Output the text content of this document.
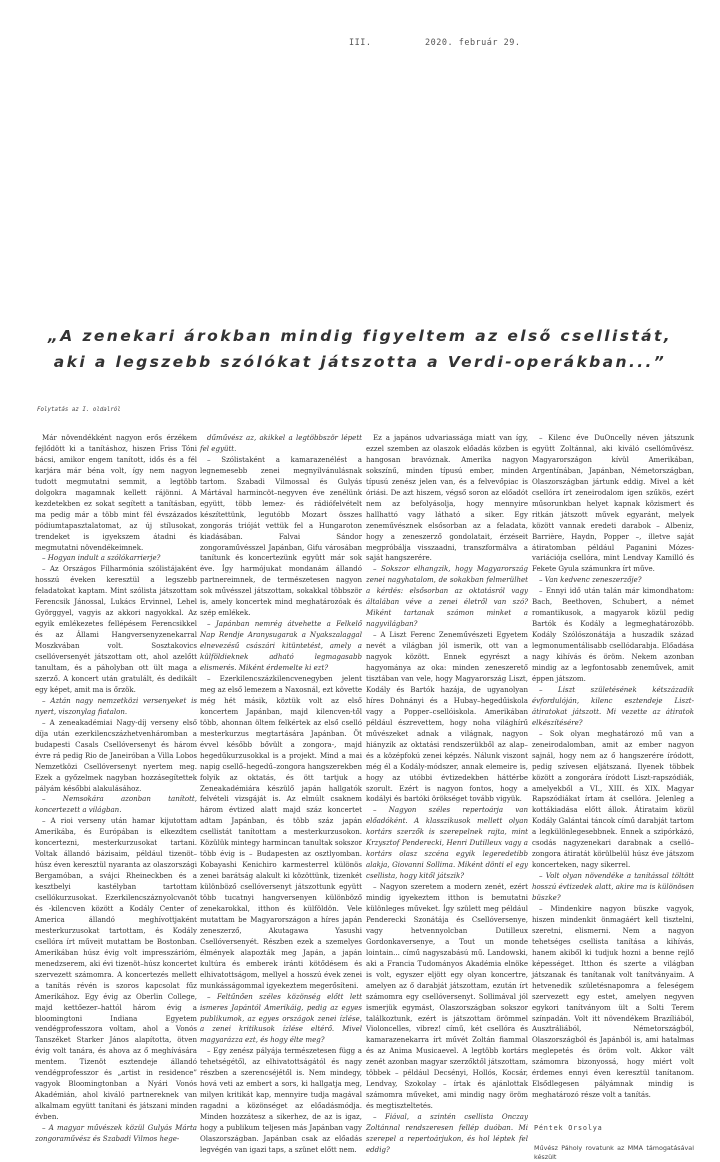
III.	2020. február 29.
„A zenekari árokban mindig figyeltem az első csellistát, aki a legszebb szólókat játszotta a Verdi-operákban...”
Folytatás az I. oldalról

Már növendékként nagyon erős érzékem fejlődött ki a tanításhoz, hiszen Friss Tóni bácsi, amikor engem tanított, idős és a fél karjára már béna volt, így nem nagyon tudott megmutatni semmit, a legtöbb dolgokra magamnak kellett rájönni. A kezdetekben ez sokat segített a tanításban, ma pedig már a több mint fél évszázados pódiumtapasztalatomat, az új stílusokat, trendeket is igyekszem átadni és megmutatni növendékeimnek.

– Hogyan indult a szólókarrierje?

– Az Országos Filharmónia szólistájaként hosszú éveken keresztül a legszebb feladatokat kaptam. Mint szólista játszottam Ferencsik Jánossal, Lukács Ervinnel, Lehel Györggyel, vagyis az akkori nagyokkal. Az egyik emlékezetes fellépésem Ferencsikkel és az Állami Hangversenyzenekarral Moszkvában volt. Sosztakovics csellóversenyét játszottam ott, ahol azelőtt tanultam, és a páholyban ott ült maga a szerző. A koncert után gratulált, és dedikált egy képet, amit ma is őrzök.

– Aztán nagy nemzetközi versenyeket is nyert, viszonylag fiatalon.

– A zeneakadémiai Nagy-díj verseny első díja után ezerkilencszázhetvenháromban a budapesti Casals Csellóversenyt és három évre rá pedig Rio de Janeiróban a Villa Lobos Nemzetközi Csellóversenyt nyertem meg. Ezek a győzelmek nagyban hozzásegítettek pályám későbbi alakulásához.

– Nemsokára azonban tanított, koncertezett a világban.

– A rioi verseny után hamar kijutottam Amerikába, és Európában is elkezdtem koncertezni, mesterkurzusokat tartani. Voltak állandó bázisaim, például tizenöt–húsz éven keresztül nyaranta az olaszországi Bergamóban, a svájci Rheineckben és a kesztbelyi kastélyban tartottam csellókurzusokat. Ezerkilencszáznyolcvanöt és -kilencven között a Kodály Center of America állandó meghívottjaként mesterkurzusokat tartottam, és Kodály csellóra írt műveit mutattam be Bostonban. Amerikában húsz évig volt impresszárióm, menedzserem, aki évi tizenöt–húsz koncertet szervezett számomra. A koncertezés mellett a tanítás révén is szoros kapcsolat fűz Amerikához. Egy évig az Oberlin College, majd kettőezer–hattól három évig a bloomingtoni Indiana Egyetem vendégprofesszora voltam, ahol a Vonós Tanszéket Starker János alapította, ötven évig volt tanára, és ahova az ő meghívására mentem. Tizenöt esztendeje állandó vendégprofesszor és „artist in residence” vagyok Bloomingtonban a Nyári Vonós Akadémián, ahol kiváló partnereknek van alkalmam együtt tanítani és játszani minden évben.

– A magyar művészek közül Gulyás Márta zongoraművész és Szabadi Vilmos hege-

dűművész az, akikkel a legtöbbször lépett fel együtt.

– Szólistaként a kamarazenélést a legnemesebb zenei megnyilvánulásnak tartom. Szabadi Vilmossal és Gulyás Mártával harmincöt–negyven éve zenélünk együtt, több lemez- és rádiófelvételt készítettünk, legutóbb Mozart összes zongorás trióját vettük fel a Hungaroton kiadásában. Falvai Sándor zongoraművésszel Japánban, Gifu városában tanítunk és koncertezünk együtt már sok éve. Így harmójukat mondanám állandó partnereimnek, de természetesen nagyon sok művésszel játszottam, sokakkal többször is, amely koncertek mind meghatározóak és szép emlékek.

– Japánban nemrég átvehette a Felkelő Nap Rendje Aranysugarak a Nyakszalaggal elnevezésű császári kitüntetést, amely a külföldieknek adható legmagasabb elismerés. Miként érdemelte ki ezt?

– Ezerkilencszázkilencvenegyben jelent meg az első lemezem a Naxosnál, ezt követte még hét másik, köztük volt az első koncertem Japánban, majd kilencven-től több, ahonnan öltem felkértek az első cselló mesterkurzus megtartására Japánban. Öt évvel később bővült a zongora-, majd hegedűkurzusokkal is a projekt. Mind a mai napig csellő–hegedű–zongora hangszerekben folyik az oktatás, és ött tartjuk a Zeneakadémiára készülő japán hallgatók felvételi vizsgáját is. Az elmúlt csaknem három évtized alatt majd száz koncertet adtam Japánban, és több száz japán csellistát tanítottam a mesterkurzusokon. Közülük mintegy harmincan tanultak sokszor több évig is – Budapesten az osztlyomban. Kobayashi Kenichiro karmesterrel különös zenei barátság alakult ki közöttünk, tizenkét különböző csellóversenyt játszottunk együtt több tucatnyi hangversenyen különböző zenekarokkal, itthon és külföldön. Vele mutattam be Magyarországon a híres japán zeneszerző, Akutagawa Yasushi Csellóversenyét. Részben ezek a szemelyes élmények alapozták meg Japán, a japán kultúra és emberek iránti kötődésem és elhivatottságom, mellyel a hosszú évek zenei munkásságommal igyekeztem megerősíteni.

– Feltűnően széles közönség előtt lett ismeres Japántól Amerikáig, pedig az egyes publikumok, az egyes országok zenei ízlése, a zenei kritikusok ízlése eltérő. Mivel magyarázza ezt, és hogy élte meg?

– Egy zenész pályája természetesen függ a tehetségétől, az elhivatottságától és nagy részben a szerencséjétől is. Nem mindegy, hová veti az embert a sors, ki hallgatja meg, milyen kritikát kap, mennyire tudja magával ragadni a közönséget az előadásmódja. Minden hozzátesz a sikerhez, de az is igaz, hogy a publikum teljesen más Japánban vagy Olaszországban. Japánban csak az előadás legvégén van igazi taps, a szünet előtt nem.

Ez a japános udvariassága miatt van így, ezzel szemben az olaszok előadás közben is hangosan bravóznak. Amerika nagyon sokszínű, minden típusú ember, minden típusú zenész jelen van, és a felvevőpiac is óriási. De azt hiszem, végső soron az előadót nem az befolyásolja, hogy mennyire hallhattó vagy látható a siker. Egy zeneművésznek elsősorban az a feladata, hogy a zeneszerző gondolatait, érzéseit megpróbálja visszaadni, transzformálva a saját hangszerére.

– Sokszor elhangzik, hogy Magyarország zenei nagyhatalom, de sokakban felmerülhet a kérdés: elsősorban az oktatásról vagy általában véve a zenei életről van szó? Miként tartanak számon minket a nagyvilágban?

– A Liszt Ferenc Zeneművészeti Egyetem nevét a világban jól ismerik, ott van a nagyok között. Ennek egyrészt a hagyománya az oka: minden zeneszerető tisztában van vele, hogy Magyarország Liszt, Kodály és Bartók hazája, de ugyanolyan híres Dohnányi és a Hubay–hegedűiskola vagy a Popper–csellóiskola. Amerikában például észrevettem, hogy noha világhírű művészeket adnak a világnak, nagyon hiányzik az oktatási rendszerükből az alap– és a középfokú zenei képzés. Nálunk viszont még él a Kodály-módszer, annak elemeire is, hogy az utóbbi évtizedekben háttérbe szorult. Ezért is nagyon fontos, hogy a kodályi és bartóki örökséget tovább vigyük.

– Nagyon széles repertoárja van előadóként. A klasszikusok mellett olyan kortárs szerzők is szerepelnek rajta, mint Krzysztof Penderecki, Henri Dutilleux vagy a kortárs olasz szcéna egyik legeredetibb alakja, Giovanni Sollima. Miként dönti el egy csellista, hogy kitől játszik?

– Nagyon szeretem a modern zenét, ezért mindig igyekeztem itthon is bemutatni különleges műveket. Így születt meg például Penderecki Szonátája és Csellóversenye, vagy hetvennyolcban Dutilleux Gordonkaversenye, a Tout un monde lointain... című nagyszabású mű. Landowski, aki a Francia Tudományos Akadémia elnöke is volt, egyszer eljött egy olyan koncertre, amelyen az ő darabját játszottam, ezután írt számomra egy csellóversenyt. Sollimával jól ismerjük egymást, Olaszországban sokszor találkoztunk, ezért is játszottam örömmel Violoncelles, vibrez! című, két csellóra és kamarazenekarra írt művét Zoltán fiammal és az Anima Musicaevel. A legtöbb kortárs zenét azonban magyar szerzőktől játszottam, többek – például Decsényi, Hollós, Kocsár, Lendvay, Szokolay – írtak és ajánlottak számomra műveket, ami mindig nagy öröm és megtiszteltetés.

– Fiával, a szintén csellista Onczay Zoltánnal rendszeresen fellép duóban. Mi szerepel a repertoárjukon, és hol léptek fel eddig?

– Kilenc éve DuOncelly néven játszunk együtt Zoltánnal, aki kiváló csellóművész. Magyarországon kívül Amerikában, Argentínában, Japánban, Németországban, Olaszországban jártunk eddig. Mivel a két csellóra írt zeneirodalom igen szűkös, ezért műsorunkban helyet kapnak közismert és ritkán játszott művek egyaránt, melyek között vannak eredeti darabok – Albeniz, Barrière, Haydn, Popper –, illetve saját átiratomban például Paganini Mózes-variációja csellóra, mint Lendvay Kamilló és Fekete Gyula számunkra írt műve.

– Van kedvenc zeneszerzője?

– Ennyi idő után talán már kimondhatom: Bach, Beethoven, Schubert, a német romantikusok, a magyarok közül pedig Bartók és Kodály a legmeghatározóbb. Kodály Szólószonátája a huszadik század legmonumentálisabb csellódarabja. Előadása nagy kihívás és öröm. Nekem azonban mindig az a legfontosabb zeneművek, amit éppen játszom.

– Liszt születésének kétszázadik évfordulóján, kilenc esztendeje Liszt-átiratokat játszott. Mi vezette az átiratok elkészítésére?

– Sok olyan meghatározó mű van a zeneirodalomban, amit az ember nagyon sajnál, hogy nem az ő hangszerére íródott, pedig szívesen eljátszaná. Ilyenek többek között a zongorára íródott Liszt-rapszódiák, amelyekből a VI., XIII. és XIX. Magyar Rapszódiákat írtam át csellóra. Jelenleg a kottákiadása előtt állok. Átirataim közül Kodály Galántai táncok című darabját tartom a legkülönlegesebbnek. Ennek a szipórkázó, csodás nagyzenekari darabnak a cselló–zongora átiratát körülbelül húsz éve játszom koncerteken, nagy sikerrel.

– Volt olyan növendéke a tanítással töltött hosszú évtizedek alatt, akire ma is különösen büszke?

– Mindenkire nagyon büszke vagyok, hiszen mindenkit önmagáért kell tisztelni, szeretni, elismerni. Nem a nagyon tehetséges csellista tanítása a kihívás, hanem akiből ki tudjuk hozni a benne rejlő képességet. Itthon és szerte a világban játszanak és tanítanak volt tanítványaim. A hetvenedik születésnapomra a feleségem szervezett egy estet, amelyen negyven egykori tanítványom ült a Solti Terem színpadán. Volt itt növendékem Brazíliából, Ausztráliából, Németországból, Olaszországból és Japánból is, ami hatalmas meglepetés és öröm volt. Akkor vált számomra bizonyossá, hogy miért volt érdemes ennyi éven keresztül tanítanom. Elsődlegesen pályámnak mindig is meghatározó része volt a tanítás.

Péntek Orsolya
Művész Páholy rovatunk az MMA támogatásával készült
